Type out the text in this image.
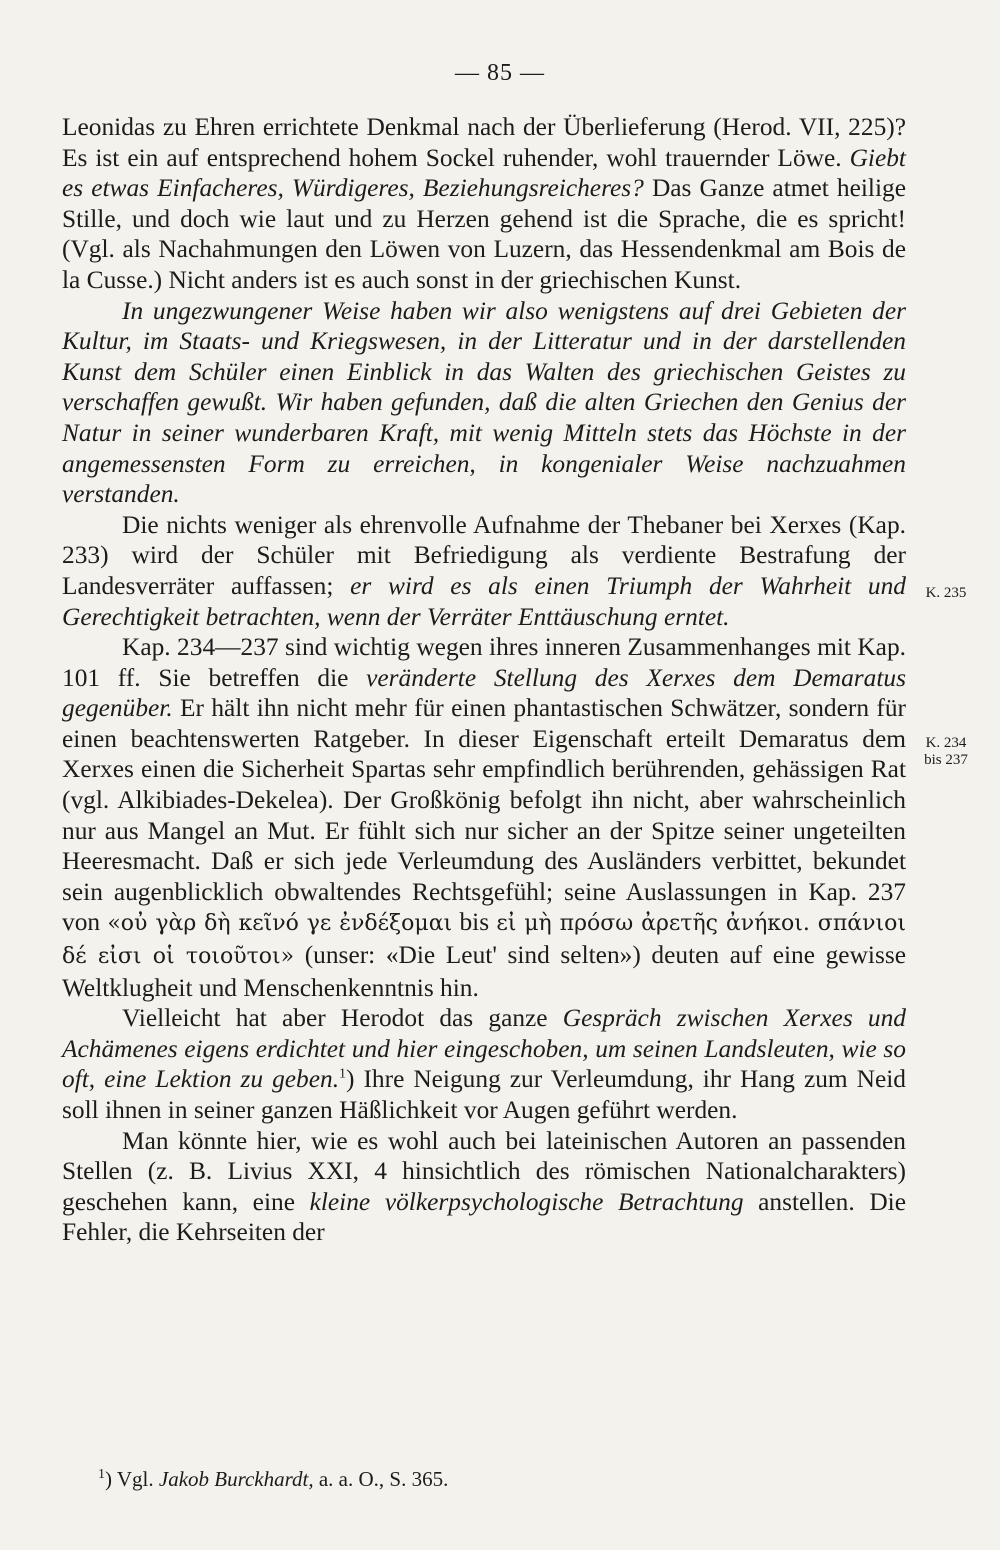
— 85 —

Leonidas zu Ehren errichtete Denkmal nach der Überlieferung (Herod. VII, 225)? Es ist ein auf entsprechend hohem Sockel ruhender, wohl trauernder Löwe. Giebt es etwas Einfacheres, Würdigeres, Beziehungsreicheres? Das Ganze atmet heilige Stille, und doch wie laut und zu Herzen gehend ist die Sprache, die es spricht! (Vgl. als Nachahmungen den Löwen von Luzern, das Hessendenkmal am Bois de la Cusse.) Nicht anders ist es auch sonst in der griechischen Kunst.

In ungezwungener Weise haben wir also wenigstens auf drei Gebieten der Kultur, im Staats- und Kriegswesen, in der Litteratur und in der darstellenden Kunst dem Schüler einen Einblick in das Walten des griechischen Geistes zu verschaffen gewußt. Wir haben gefunden, daß die alten Griechen den Genius der Natur in seiner wunderbaren Kraft, mit wenig Mitteln stets das Höchste in der angemessensten Form zu erreichen, in kongenialer Weise nachzuahmen verstanden.

Die nichts weniger als ehrenvolle Aufnahme der Thebaner bei Xerxes (Kap. 233) wird der Schüler mit Befriedigung als verdiente Bestrafung der Landesverräter auffassen; er wird es als einen Triumph der Wahrheit und Gerechtigkeit betrachten, wenn der Verräter Enttäuschung erntet.

Kap. 234—237 sind wichtig wegen ihres inneren Zusammenhanges mit Kap. 101 ff. Sie betreffen die veränderte Stellung des Xerxes dem Demaratus gegenüber. Er hält ihn nicht mehr für einen phantastischen Schwätzer, sondern für einen beachtenswerten Ratgeber. In dieser Eigenschaft erteilt Demaratus dem Xerxes einen die Sicherheit Spartas sehr empfindlich berührenden, gehässigen Rat (vgl. Alkibiades-Dekelea). Der Großkönig befolgt ihn nicht, aber wahrscheinlich nur aus Mangel an Mut. Er fühlt sich nur sicher an der Spitze seiner ungeteilten Heeresmacht. Daß er sich jede Verleumdung des Ausländers verbittet, bekundet sein augenblicklich obwaltendes Rechtsgefühl; seine Auslassungen in Kap. 237 von «οὐ γὰρ δὴ κεῖνό γε ἐνδέξομαι bis εἰ μὴ πρόσω ἀρετῆς ἀνήκοι. σπάνιοι δέ εἰσι οἱ τοιοῦτοι» (unser: «Die Leut' sind selten») deuten auf eine gewisse Weltklugheit und Menschenkenntnis hin.

Vielleicht hat aber Herodot das ganze Gespräch zwischen Xerxes und Achämenes eigens erdichtet und hier eingeschoben, um seinen Landsleuten, wie so oft, eine Lektion zu geben.$^1$) Ihre Neigung zur Verleumdung, ihr Hang zum Neid soll ihnen in seiner ganzen Häßlichkeit vor Augen geführt werden.

Man könnte hier, wie es wohl auch bei lateinischen Autoren an passenden Stellen (z. B. Livius XXI, 4 hinsichtlich des römischen Nationalcharakters) geschehen kann, eine kleine völkerpsychologische Betrachtung anstellen. Die Fehler, die Kehrseiten der

K. 235
K. 234
bis 237
$^1$) Vgl. Jakob Burckhardt, a. a. O., S. 365.
